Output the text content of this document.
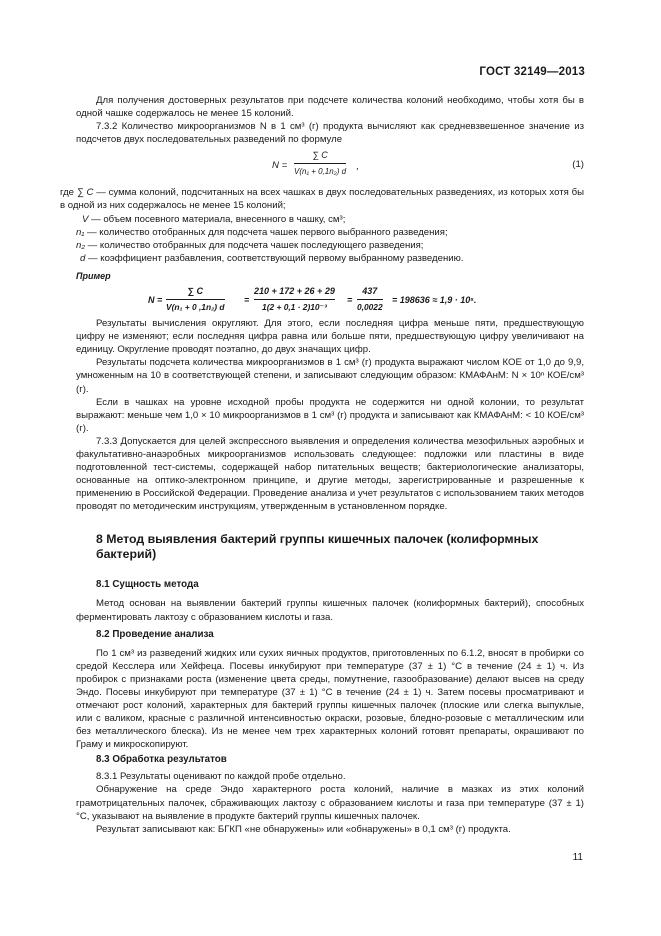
ГОСТ 32149—2013

Для получения достоверных результатов при подсчете количества колоний необходимо, чтобы хотя бы в одной чашке содержалось не менее 15 колоний.

7.3.2 Количество микроорганизмов N в 1 см³ (г) продукта вычисляют как средневзвешенное значение из подсчетов двух последовательных разведений по формуле

$N = \frac{\sum C}{\text{V(n₁ + 0,1n₂) d}}$ ,	(1)

где ∑ C — сумма колоний, подсчитанных на всех чашках в двух последовательных разведениях, из которых хотя бы в одной из них содержалось не менее 15 колоний;

V — объем посевного материала, внесенного в чашку, см³;

n₁ — количество отобранных для подсчета чашек первого выбранного разведения;

n₂ — количество отобранных для подсчета чашек последующего разведения;

d — коэффициент разбавления, соответствующий первому выбранному разведению.

Пример

$N = \frac{\sum C}{\text{V(n₁ + 0 ,1n₂) d}} = \frac{210 + 172 + 26 + 29}{\text{1(2 + 0,1 · 2)10⁻³}} = \frac{437}{0,0022} = 198636 \approx 1,9 \cdot 10^5$.

Результаты вычисления округляют. Для этого, если последняя цифра меньше пяти, предшествующую цифру не изменяют; если последняя цифра равна или больше пяти, предшествующую цифру увеличивают на единицу. Округление проводят поэтапно, до двух значащих цифр.

Результаты подсчета количества микроорганизмов в 1 см³ (г) продукта выражают числом КОЕ от 1,0 до 9,9, умноженным на 10 в соответствующей степени, и записывают следующим образом: КМАФАнМ: N × 10ⁿ КОЕ/см³ (г).

Если в чашках на уровне исходной пробы продукта не содержится ни одной колонии, то результат выражают: меньше чем 1,0 × 10 микроорганизмов в 1 см³ (г) продукта и записывают как КМАФАнМ: < 10 КОЕ/см³ (г).

7.3.3 Допускается для целей экспрессного выявления и определения количества мезофильных аэробных и факультативно-анаэробных микроорганизмов использовать следующее: подложки или пластины в виде подготовленной тест-системы, содержащей набор питательных веществ; бактериологические анализаторы, основанные на оптико-электронном принципе, и другие методы, зарегистрированные и разрешенные к применению в Российской Федерации. Проведение анализа и учет результатов с использованием таких методов проводят по методическим инструкциям, утвержденным в установленном порядке.

8 Метод выявления бактерий группы кишечных палочек (колиформных бактерий)
8.1 Сущность метода

Метод основан на выявлении бактерий группы кишечных палочек (колиформных бактерий), способных ферментировать лактозу с образованием кислоты и газа.

8.2 Проведение анализа

По 1 см³ из разведений жидких или сухих яичных продуктов, приготовленных по 6.1.2, вносят в пробирки со средой Кесслера или Хейфеца. Посевы инкубируют при температуре (37 ± 1) °С в течение (24 ± 1) ч. Из пробирок с признаками роста (изменение цвета среды, помутнение, газообразование) делают высев на среду Эндо. Посевы инкубируют при температуре (37 ± 1) °С в течение (24 ± 1) ч. Затем посевы просматривают и отмечают рост колоний, характерных для бактерий группы кишечных палочек (плоские или слегка выпуклые, или с валиком, красные с различной интенсивностью окраски, розовые, бледно-розовые с металлическим или без металлического блеска). Из не менее чем трех характерных колоний готовят препараты, окрашивают по Граму и микроскопируют.

8.3 Обработка результатов

8.3.1 Результаты оценивают по каждой пробе отдельно.

Обнаружение на среде Эндо характерного роста колоний, наличие в мазках из этих колоний грамотрицательных палочек, сбраживающих лактозу с образованием кислоты и газа при температуре (37 ± 1) °С, указывают на выявление в продукте бактерий группы кишечных палочек.

Результат записывают как: БГКП «не обнаружены» или «обнаружены» в 0,1 см³ (г) продукта.

11
